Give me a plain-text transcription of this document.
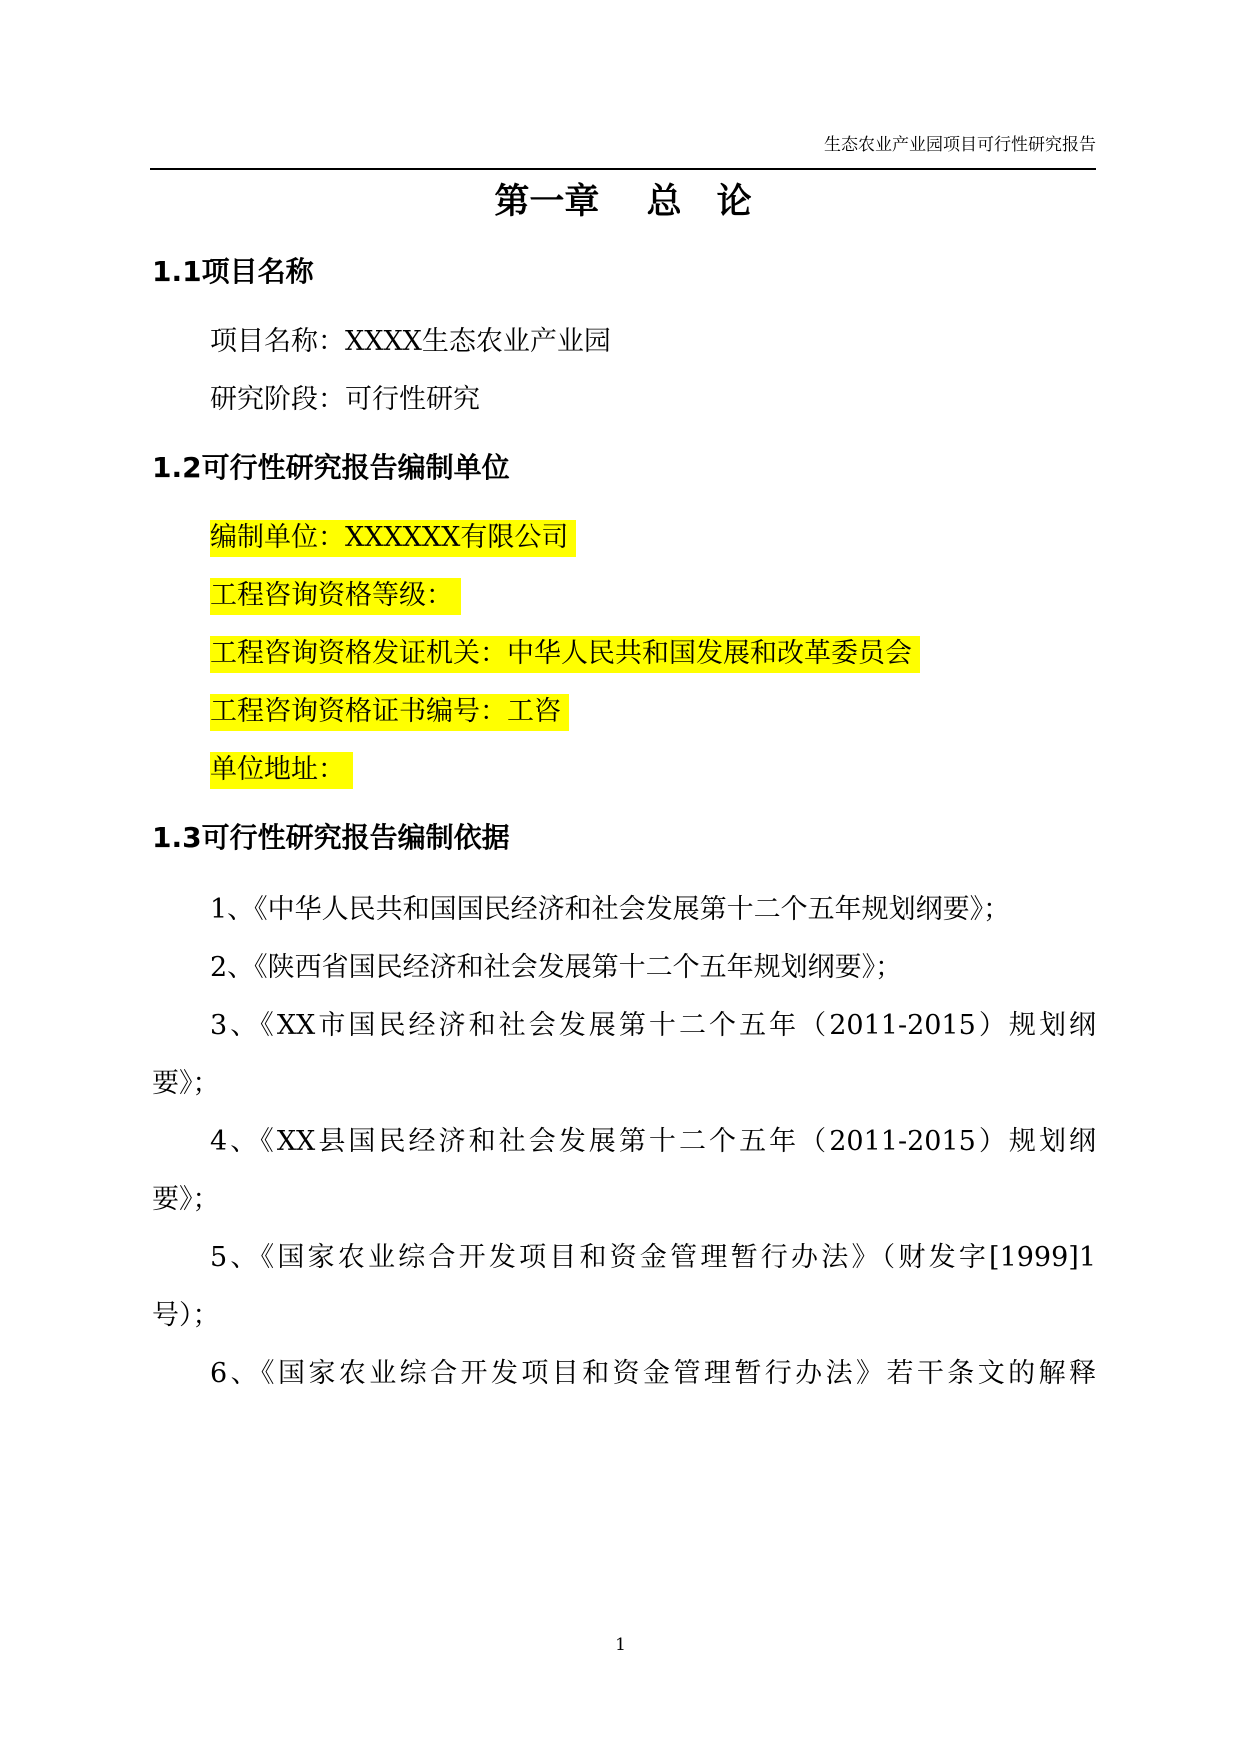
生态农业产业园项目可行性研究报告
第一章　 总　论
1.1项目名称
项目名称：XXXX生态农业产业园
研究阶段：可行性研究
1.2可行性研究报告编制单位
编制单位：XXXXXX有限公司
工程咨询资格等级：
工程咨询资格发证机关：中华人民共和国发展和改革委员会
工程咨询资格证书编号：工咨
单位地址：
1.3可行性研究报告编制依据
1、《中华人民共和国国民经济和社会发展第十二个五年规划纲要》；
2、《陕西省国民经济和社会发展第十二个五年规划纲要》；
3、《XX市国民经济和社会发展第十二个五年（2011-2015）规划纲
要》；
4、《XX县国民经济和社会发展第十二个五年（2011-2015）规划纲
要》；
5、《国家农业综合开发项目和资金管理暂行办法》（财发字[1999]1
号）；
6、《国家农业综合开发项目和资金管理暂行办法》若干条文的解释
1
